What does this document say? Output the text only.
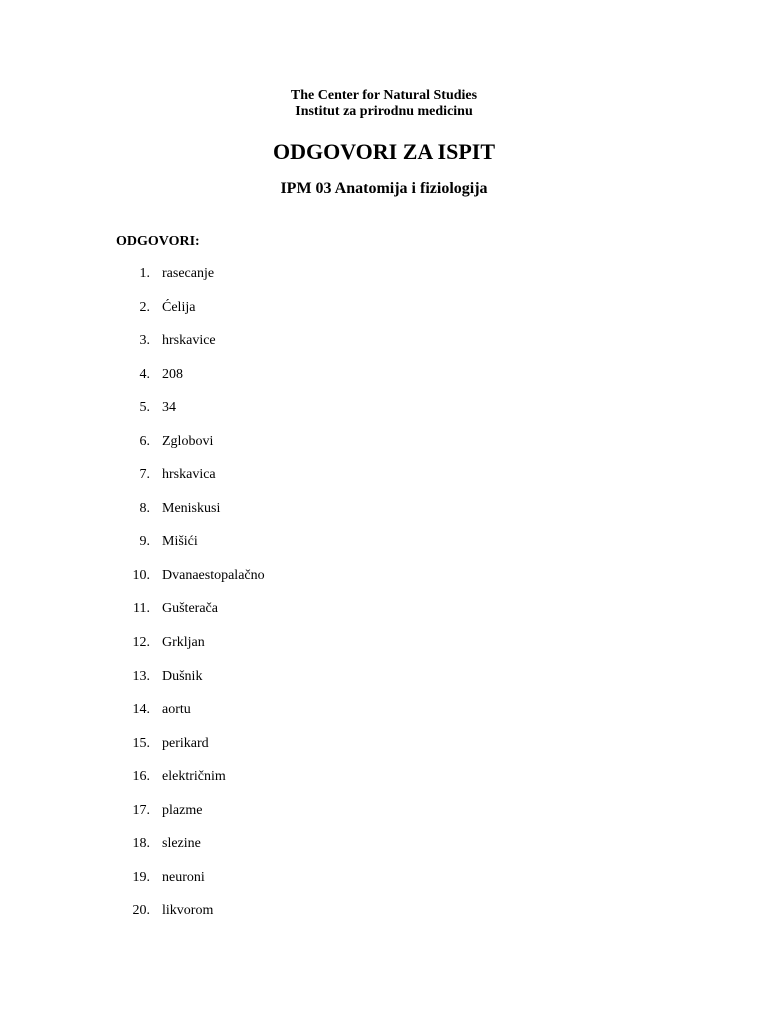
The Center for Natural Studies

Institut za prirodnu medicinu

ODGOVORI ZA ISPIT
IPM 03 Anatomija i fiziologija

ODGOVORI:

1. rasecanje
2. Ćelija
3. hrskavice
4. 208
5. 34
6. Zglobovi
7. hrskavica
8. Meniskusi
9. Mišići
10. Dvanaestopalačno
11. Gušterača
12. Grkljan
13. Dušnik
14. aortu
15. perikard
16. električnim
17. plazme
18. slezine
19. neuroni
20. likvorom
